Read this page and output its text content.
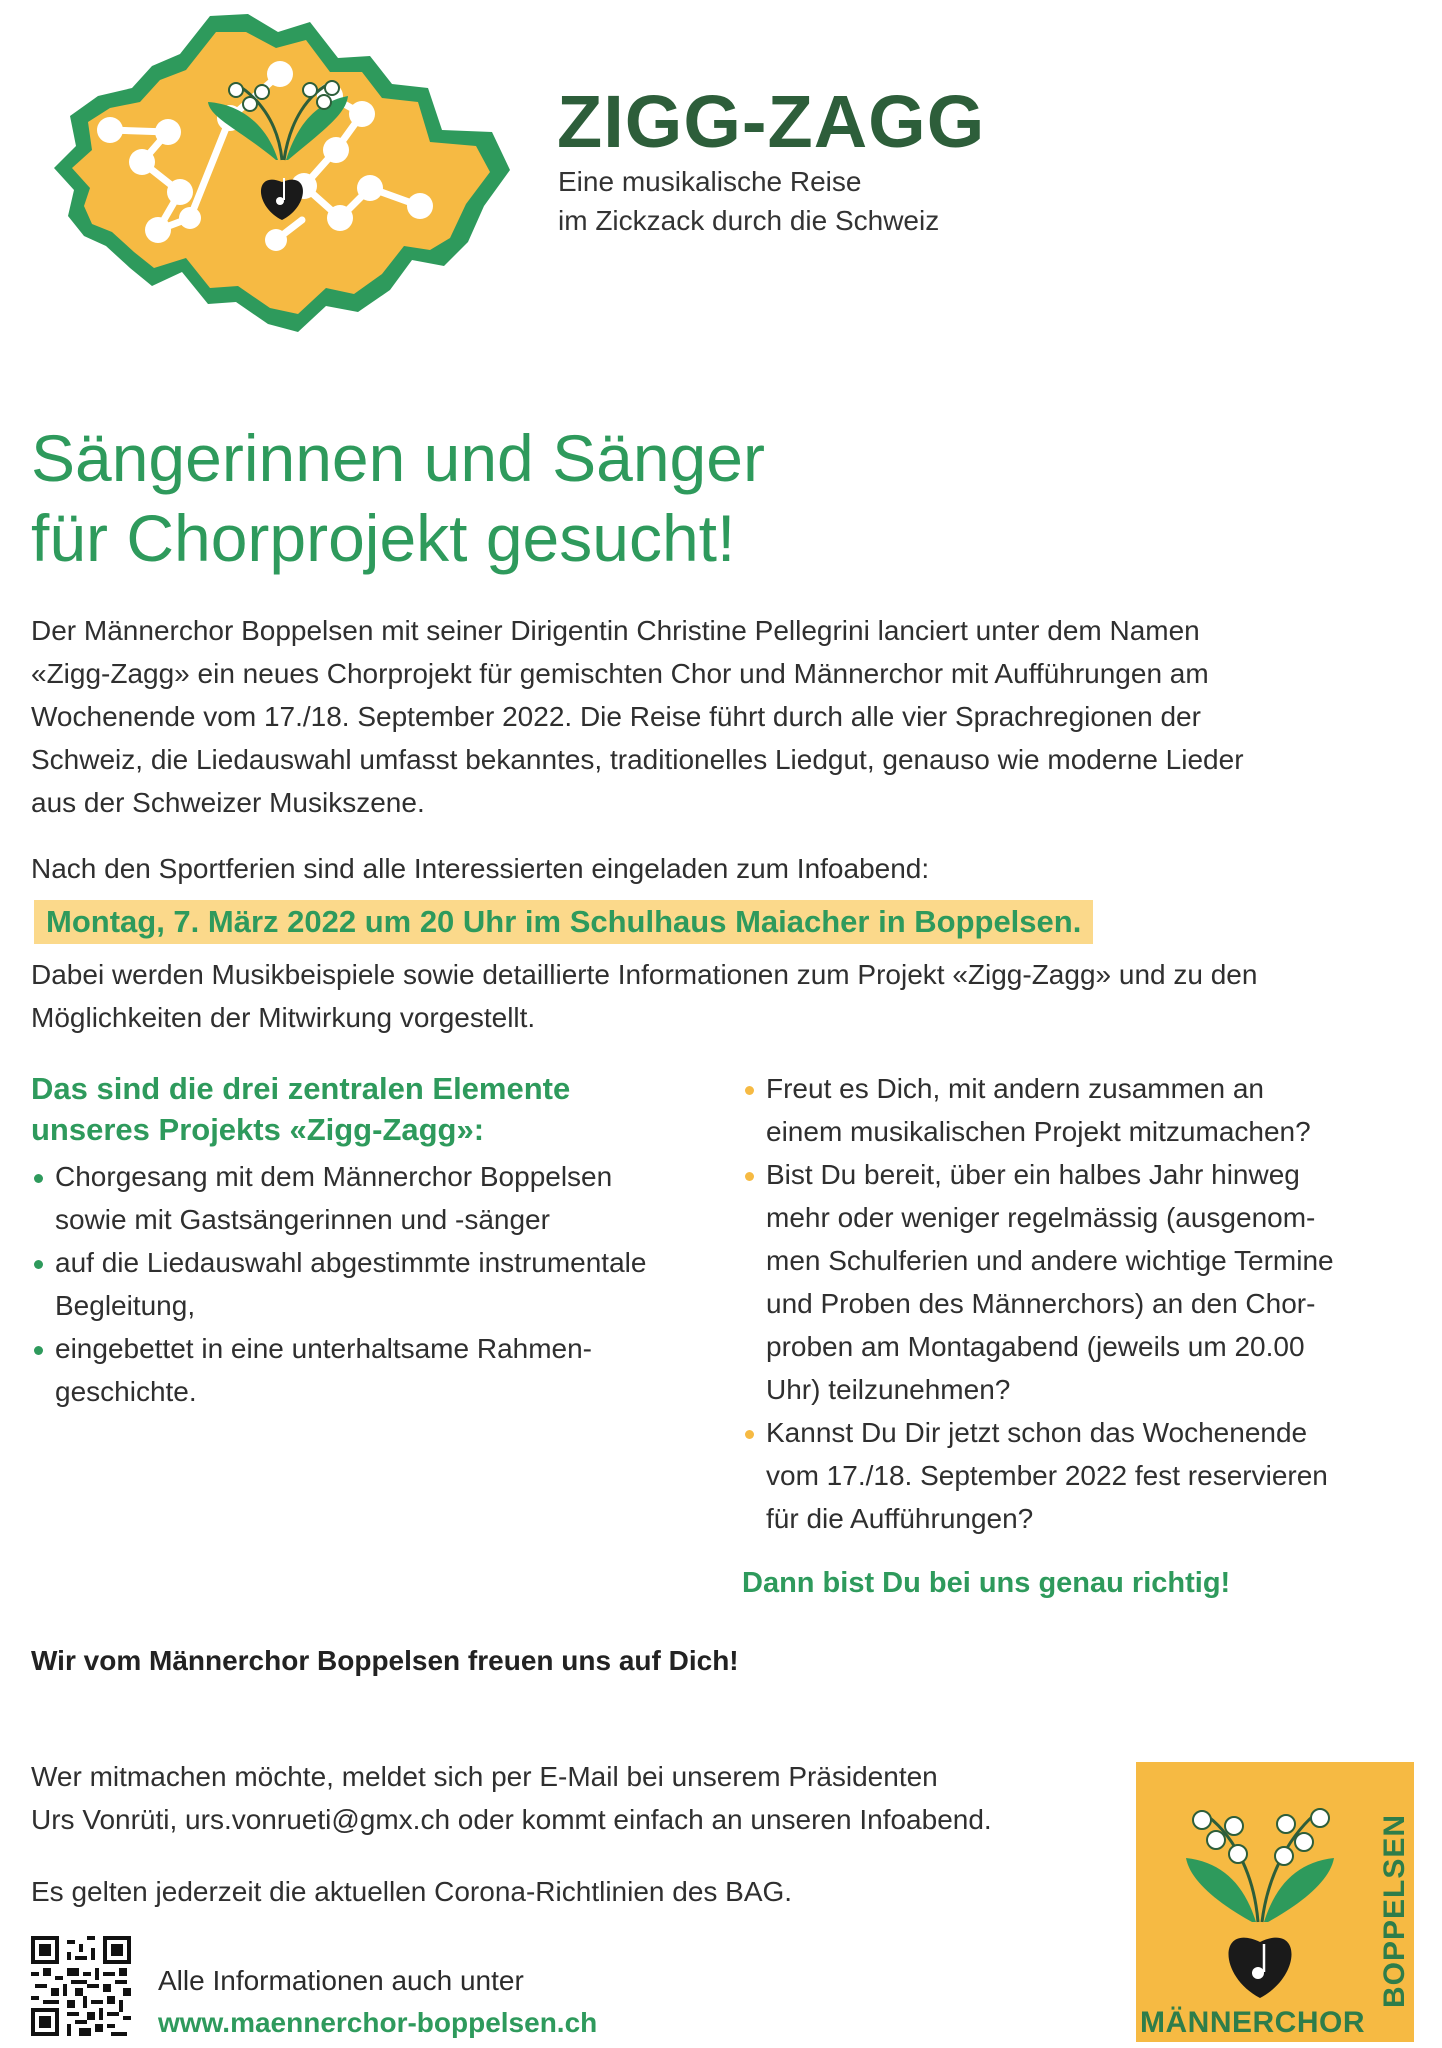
ZIGG-ZAGG
Eine musikalische Reise
im Zickzack durch die Schweiz
Sängerinnen und Sänger
für Chorprojekt gesucht!
Der Männerchor Boppelsen mit seiner Dirigentin Christine Pellegrini lanciert unter dem Namen
«Zigg-Zagg» ein neues Chorprojekt für gemischten Chor und Männerchor mit Aufführungen am
Wochenende vom 17./18. September 2022. Die Reise führt durch alle vier Sprachregionen der
Schweiz, die Liedauswahl umfasst bekanntes, traditionelles Liedgut, genauso wie moderne Lieder
aus der Schweizer Musikszene.
Nach den Sportferien sind alle Interessierten eingeladen zum Infoabend:
Montag, 7. März 2022 um 20 Uhr im Schulhaus Maiacher in Boppelsen.
Dabei werden Musikbeispiele sowie detaillierte Informationen zum Projekt «Zigg-Zagg» und zu den
Möglichkeiten der Mitwirkung vorgestellt.
Das sind die drei zentralen Elemente
unseres Projekts «Zigg-Zagg»:
Chorgesang mit dem Männerchor Boppelsen
sowie mit Gastsängerinnen und -sänger
auf die Liedauswahl abgestimmte instrumentale
Begleitung,
eingebettet in eine unterhaltsame Rahmen-
geschichte.
Freut es Dich, mit andern zusammen an
einem musikalischen Projekt mitzumachen?
Bist Du bereit, über ein halbes Jahr hinweg
mehr oder weniger regelmässig (ausgenom-
men Schulferien und andere wichtige Termine
und Proben des Männerchors) an den Chor-
proben am Montagabend (jeweils um 20.00
Uhr) teilzunehmen?
Kannst Du Dir jetzt schon das Wochenende
vom 17./18. September 2022 fest reservieren
für die Aufführungen?
Dann bist Du bei uns genau richtig!
Wir vom Männerchor Boppelsen freuen uns auf Dich!
Wer mitmachen möchte, meldet sich per E-Mail bei unserem Präsidenten
Urs Vonrüti, urs.vonrueti@gmx.ch oder kommt einfach an unseren Infoabend.
Es gelten jederzeit die aktuellen Corona-Richtlinien des BAG.
Alle Informationen auch unter
www.maennerchor-boppelsen.ch
BOPPELSEN
MÄNNERCHOR
